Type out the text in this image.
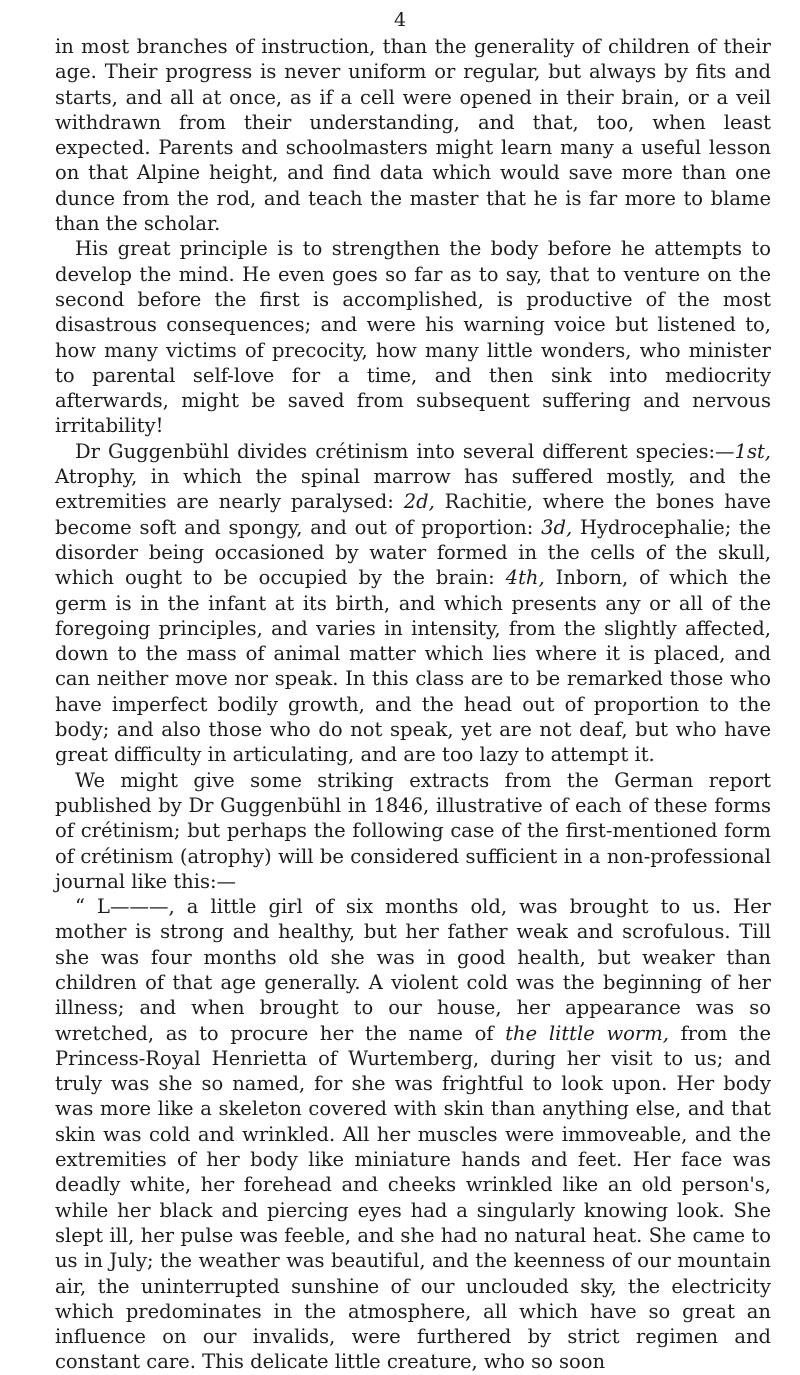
4

in most branches of instruction, than the generality of children of their age. Their progress is never uniform or regular, but always by fits and starts, and all at once, as if a cell were opened in their brain, or a veil withdrawn from their understanding, and that, too, when least expected. Parents and schoolmasters might learn many a useful lesson on that Alpine height, and find data which would save more than one dunce from the rod, and teach the master that he is far more to blame than the scholar.

His great principle is to strengthen the body before he attempts to develop the mind. He even goes so far as to say, that to venture on the second before the first is accomplished, is productive of the most disastrous consequences; and were his warning voice but listened to, how many victims of precocity, how many little wonders, who minister to parental self-love for a time, and then sink into mediocrity afterwards, might be saved from subsequent suffering and nervous irritability!

Dr Guggenbühl divides crétinism into several different species:—1st, Atrophy, in which the spinal marrow has suffered mostly, and the extremities are nearly paralysed: 2d, Rachitie, where the bones have become soft and spongy, and out of proportion: 3d, Hydrocephalie; the disorder being occasioned by water formed in the cells of the skull, which ought to be occupied by the brain: 4th, Inborn, of which the germ is in the infant at its birth, and which presents any or all of the foregoing principles, and varies in intensity, from the slightly affected, down to the mass of animal matter which lies where it is placed, and can neither move nor speak. In this class are to be remarked those who have imperfect bodily growth, and the head out of proportion to the body; and also those who do not speak, yet are not deaf, but who have great difficulty in articulating, and are too lazy to attempt it.

We might give some striking extracts from the German report published by Dr Guggenbühl in 1846, illustrative of each of these forms of crétinism; but perhaps the following case of the first-mentioned form of crétinism (atrophy) will be considered sufficient in a non-professional journal like this:—

“ L———, a little girl of six months old, was brought to us. Her mother is strong and healthy, but her father weak and scrofulous. Till she was four months old she was in good health, but weaker than children of that age generally. A violent cold was the beginning of her illness; and when brought to our house, her appearance was so wretched, as to procure her the name of the little worm, from the Princess-Royal Henrietta of Wurtemberg, during her visit to us; and truly was she so named, for she was frightful to look upon. Her body was more like a skeleton covered with skin than anything else, and that skin was cold and wrinkled. All her muscles were immoveable, and the extremities of her body like miniature hands and feet. Her face was deadly white, her forehead and cheeks wrinkled like an old person's, while her black and piercing eyes had a singularly knowing look. She slept ill, her pulse was feeble, and she had no natural heat. She came to us in July; the weather was beautiful, and the keenness of our mountain air, the uninterrupted sunshine of our unclouded sky, the electricity which predominates in the atmosphere, all which have so great an influence on our invalids, were furthered by strict regimen and constant care. This delicate little creature, who so soon
